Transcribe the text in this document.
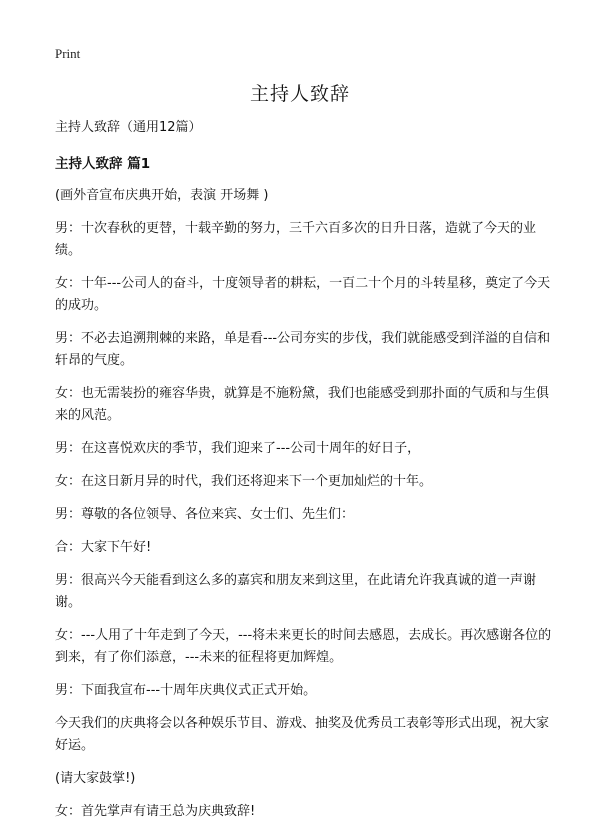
Print
主持人致辞

主持人致辞（通用12篇）

主持人致辞 篇1

(画外音宣布庆典开始，表演 开场舞 )

男：十次春秋的更替，十载辛勤的努力，三千六百多次的日升日落，造就了今天的业绩。

女：十年---公司人的奋斗，十度领导者的耕耘，一百二十个月的斗转星移，奠定了今天的成功。

男：不必去追溯荆棘的来路，单是看---公司夯实的步伐，我们就能感受到洋溢的自信和轩昂的气度。

女：也无需装扮的雍容华贵，就算是不施粉黛，我们也能感受到那扑面的气质和与生俱来的风范。

男：在这喜悦欢庆的季节，我们迎来了---公司十周年的好日子，

女：在这日新月异的时代，我们还将迎来下一个更加灿烂的十年。

男：尊敬的各位领导、各位来宾、女士们、先生们：

合：大家下午好!

男：很高兴今天能看到这么多的嘉宾和朋友来到这里，在此请允许我真诚的道一声谢谢。

女：---人用了十年走到了今天，---将未来更长的时间去感恩，去成长。再次感谢各位的到来，有了你们添意，---未来的征程将更加辉煌。

男：下面我宣布---十周年庆典仪式正式开始。

今天我们的庆典将会以各种娱乐节目、游戏、抽奖及优秀员工表彰等形式出现，祝大家好运。

(请大家鼓掌!)

女：首先掌声有请王总为庆典致辞!
